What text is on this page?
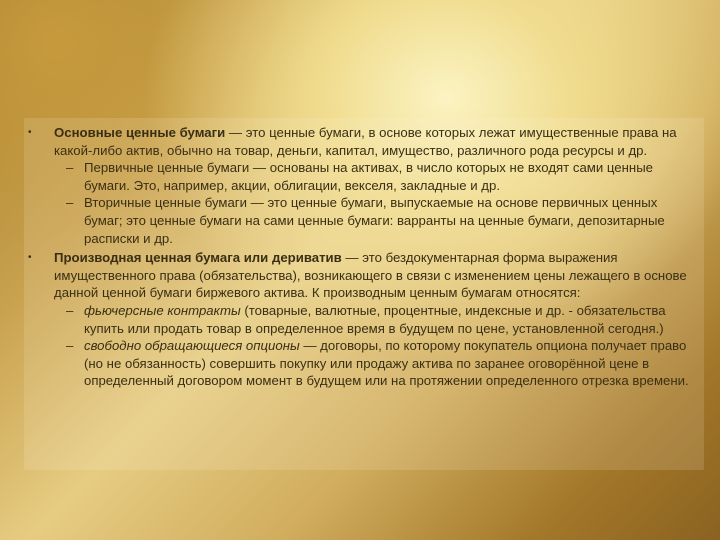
• Основные ценные бумаги — это ценные бумаги, в основе которых лежат имущественные права на какой-либо актив, обычно на товар, деньги, капитал, имущество, различного рода ресурсы и др.
– Первичные ценные бумаги — основаны на активах, в число которых не входят сами ценные бумаги. Это, например, акции, облигации, векселя, закладные и др.
– Вторичные ценные бумаги — это ценные бумаги, выпускаемые на основе первичных ценных бумаг; это ценные бумаги на сами ценные бумаги: варранты на ценные бумаги, депозитарные расписки и др.
• Производная ценная бумага или дериватив — это бездокументарная форма выражения имущественного права (обязательства), возникающего в связи с изменением цены лежащего в основе данной ценной бумаги биржевого актива. К производным ценным бумагам относятся:
– фьючерсные контракты (товарные, валютные, процентные, индексные и др. - обязательства купить или продать товар в определенное время в будущем по цене, установленной сегодня.)
– свободно обращающиеся опционы — договоры, по которому покупатель опциона получает право (но не обязанность) совершить покупку или продажу актива по заранее оговорённой цене в определенный договором момент в будущем или на протяжении определенного отрезка времени.
